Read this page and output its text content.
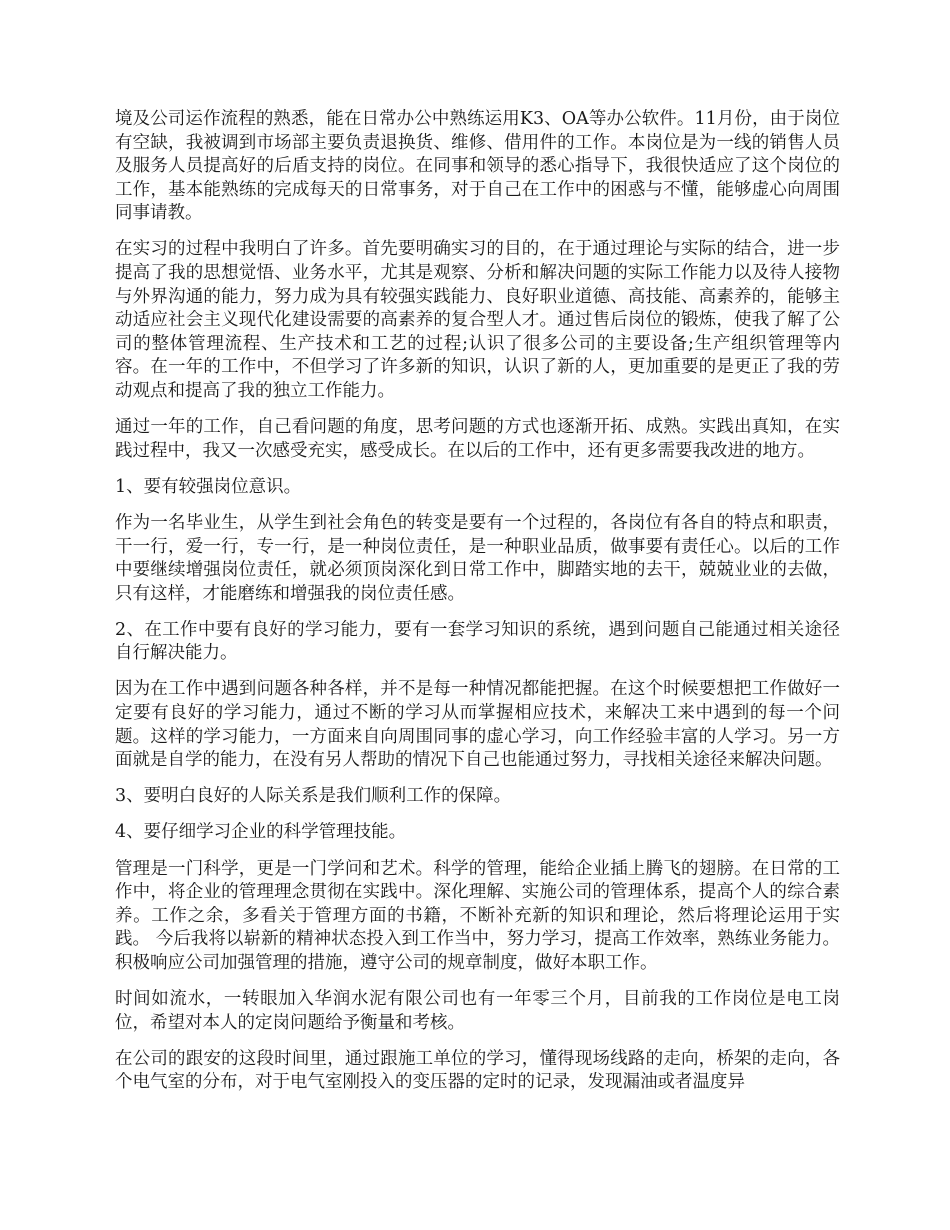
境及公司运作流程的熟悉，能在日常办公中熟练运用K3、OA等办公软件。11月份，由于岗位有空缺，我被调到市场部主要负责退换货、维修、借用件的工作。本岗位是为一线的销售人员及服务人员提高好的后盾支持的岗位。在同事和领导的悉心指导下，我很快适应了这个岗位的工作，基本能熟练的完成每天的日常事务，对于自己在工作中的困惑与不懂，能够虚心向周围同事请教。

在实习的过程中我明白了许多。首先要明确实习的目的，在于通过理论与实际的结合，进一步提高了我的思想觉悟、业务水平，尤其是观察、分析和解决问题的实际工作能力以及待人接物与外界沟通的能力，努力成为具有较强实践能力、良好职业道德、高技能、高素养的，能够主动适应社会主义现代化建设需要的高素养的复合型人才。通过售后岗位的锻炼，使我了解了公司的整体管理流程、生产技术和工艺的过程;认识了很多公司的主要设备;生产组织管理等内容。在一年的工作中，不但学习了许多新的知识，认识了新的人，更加重要的是更正了我的劳动观点和提高了我的独立工作能力。

通过一年的工作，自己看问题的角度，思考问题的方式也逐渐开拓、成熟。实践出真知，在实践过程中，我又一次感受充实，感受成长。在以后的工作中，还有更多需要我改进的地方。

1、要有较强岗位意识。

作为一名毕业生，从学生到社会角色的转变是要有一个过程的，各岗位有各自的特点和职责，干一行，爱一行，专一行，是一种岗位责任，是一种职业品质，做事要有责任心。以后的工作中要继续增强岗位责任，就必须顶岗深化到日常工作中，脚踏实地的去干，兢兢业业的去做，只有这样，才能磨练和增强我的岗位责任感。

2、在工作中要有良好的学习能力，要有一套学习知识的系统，遇到问题自己能通过相关途径自行解决能力。

因为在工作中遇到问题各种各样，并不是每一种情况都能把握。在这个时候要想把工作做好一定要有良好的学习能力，通过不断的学习从而掌握相应技术，来解决工来中遇到的每一个问题。这样的学习能力，一方面来自向周围同事的虚心学习，向工作经验丰富的人学习。另一方面就是自学的能力，在没有另人帮助的情况下自己也能通过努力，寻找相关途径来解决问题。

3、要明白良好的人际关系是我们顺利工作的保障。

4、要仔细学习企业的科学管理技能。

管理是一门科学，更是一门学问和艺术。科学的管理，能给企业插上腾飞的翅膀。在日常的工作中，将企业的管理理念贯彻在实践中。深化理解、实施公司的管理体系，提高个人的综合素养。工作之余，多看关于管理方面的书籍，不断补充新的知识和理论，然后将理论运用于实践。 今后我将以崭新的精神状态投入到工作当中，努力学习，提高工作效率，熟练业务能力。积极响应公司加强管理的措施，遵守公司的规章制度，做好本职工作。

时间如流水，一转眼加入华润水泥有限公司也有一年零三个月，目前我的工作岗位是电工岗位，希望对本人的定岗问题给予衡量和考核。

在公司的跟安的这段时间里，通过跟施工单位的学习，懂得现场线路的走向，桥架的走向，各个电气室的分布，对于电气室刚投入的变压器的定时的记录，发现漏油或者温度异
